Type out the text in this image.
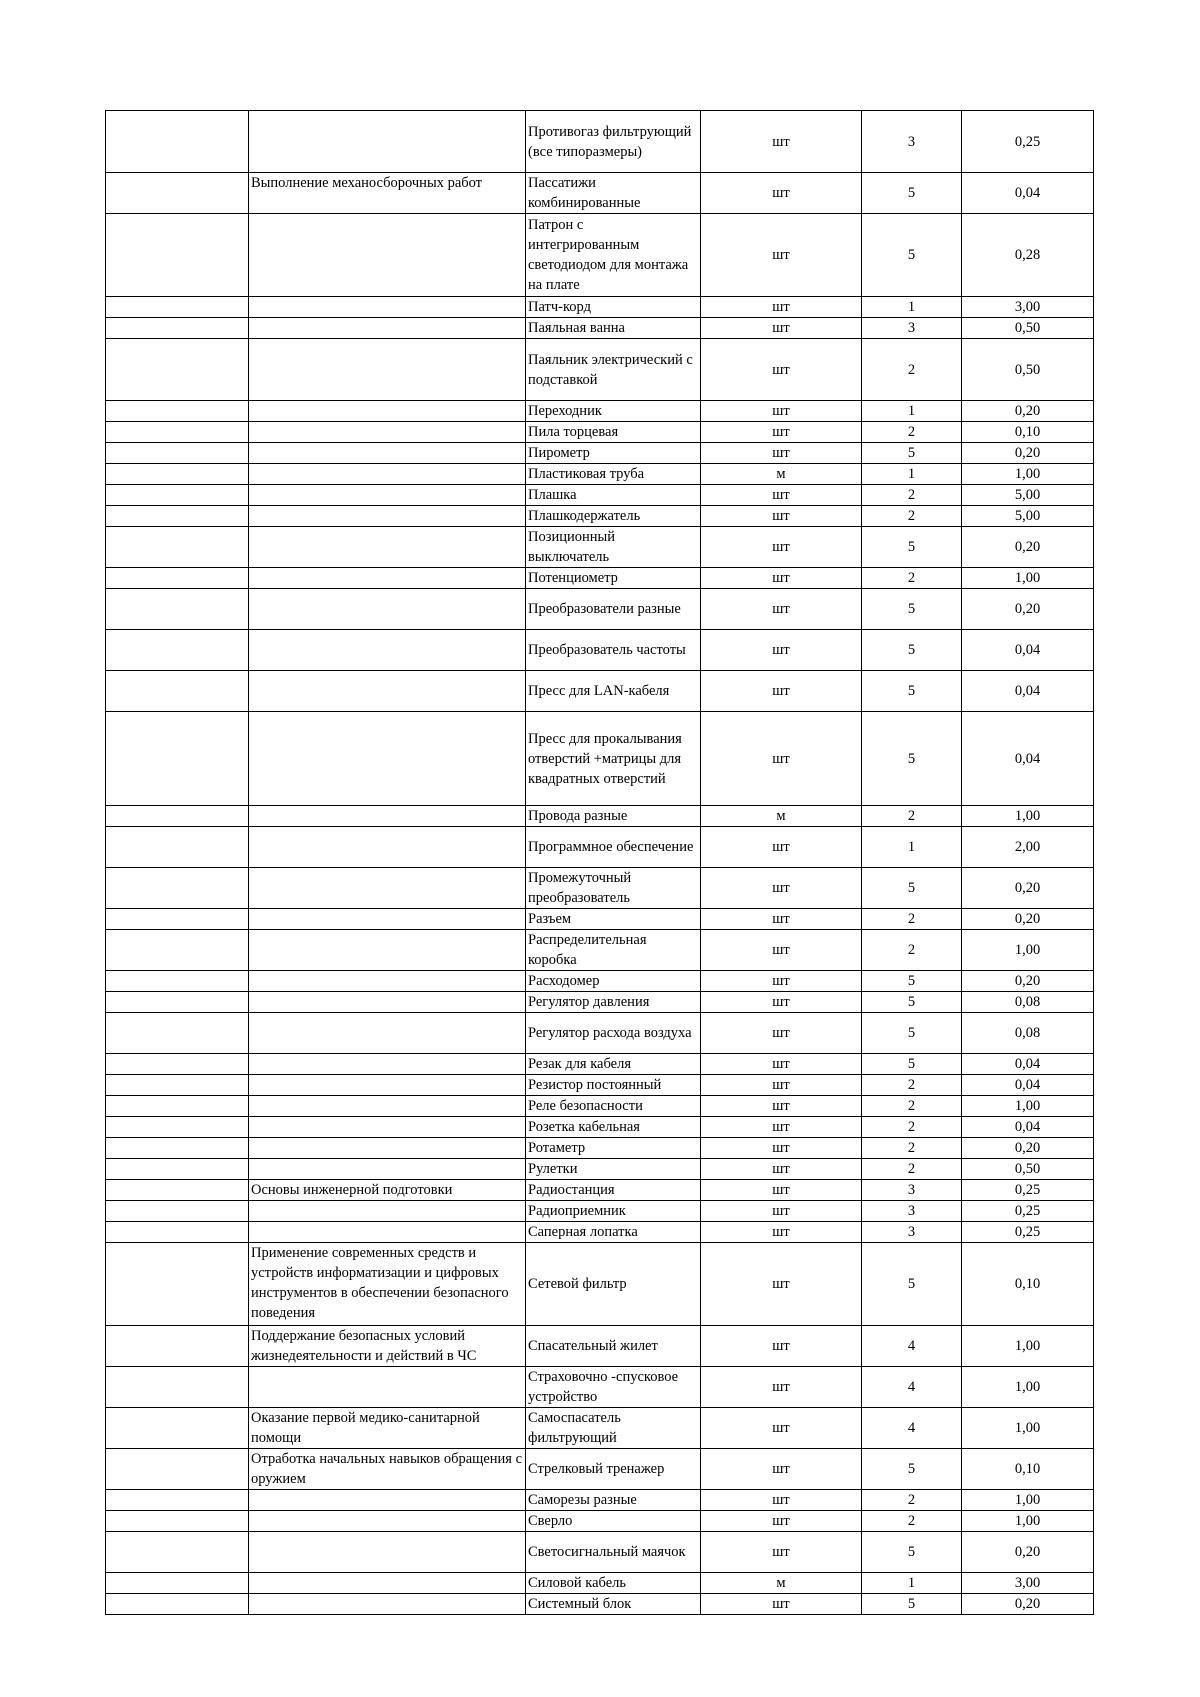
		Противогаз фильтрующий (все типоразмеры)	шт	3	0,25
	Выполнение механосборочных работ	Пассатижи комбинированные	шт	5	0,04
		Патрон с интегрированным светодиодом для монтажа на плате	шт	5	0,28
		Патч-корд	шт	1	3,00
		Паяльная ванна	шт	3	0,50
		Паяльник электрический с подставкой	шт	2	0,50
		Переходник	шт	1	0,20
		Пила торцевая	шт	2	0,10
		Пирометр	шт	5	0,20
		Пластиковая труба	м	1	1,00
		Плашка	шт	2	5,00
		Плашкодержатель	шт	2	5,00
		Позиционный выключатель	шт	5	0,20
		Потенциометр	шт	2	1,00
		Преобразователи разные	шт	5	0,20
		Преобразователь частоты	шт	5	0,04
		Пресс для LAN-кабеля	шт	5	0,04
		Пресс для прокалывания отверстий +матрицы для квадратных отверстий	шт	5	0,04
		Провода разные	м	2	1,00
		Программное обеспечение	шт	1	2,00
		Промежуточный преобразователь	шт	5	0,20
		Разъем	шт	2	0,20
		Распределительная коробка	шт	2	1,00
		Расходомер	шт	5	0,20
		Регулятор давления	шт	5	0,08
		Регулятор расхода воздуха	шт	5	0,08
		Резак для кабеля	шт	5	0,04
		Резистор постоянный	шт	2	0,04
		Реле безопасности	шт	2	1,00
		Розетка кабельная	шт	2	0,04
		Ротаметр	шт	2	0,20
		Рулетки	шт	2	0,50
	Основы инженерной подготовки	Радиостанция	шт	3	0,25
		Радиоприемник	шт	3	0,25
		Саперная лопатка	шт	3	0,25
	Применение современных средств и устройств информатизации и цифровых инструментов в обеспечении безопасного поведения	Сетевой фильтр	шт	5	0,10
	Поддержание безопасных условий жизнедеятельности и действий в ЧС	Спасательный жилет	шт	4	1,00
		Страховочно -спусковое устройство	шт	4	1,00
	Оказание первой медико-санитарной помощи	Самоспасатель фильтрующий	шт	4	1,00
	Отработка начальных навыков обращения с оружием	Стрелковый тренажер	шт	5	0,10
		Саморезы разные	шт	2	1,00
		Сверло	шт	2	1,00
		Светосигнальный маячок	шт	5	0,20
		Силовой кабель	м	1	3,00
		Системный блок	шт	5	0,20
